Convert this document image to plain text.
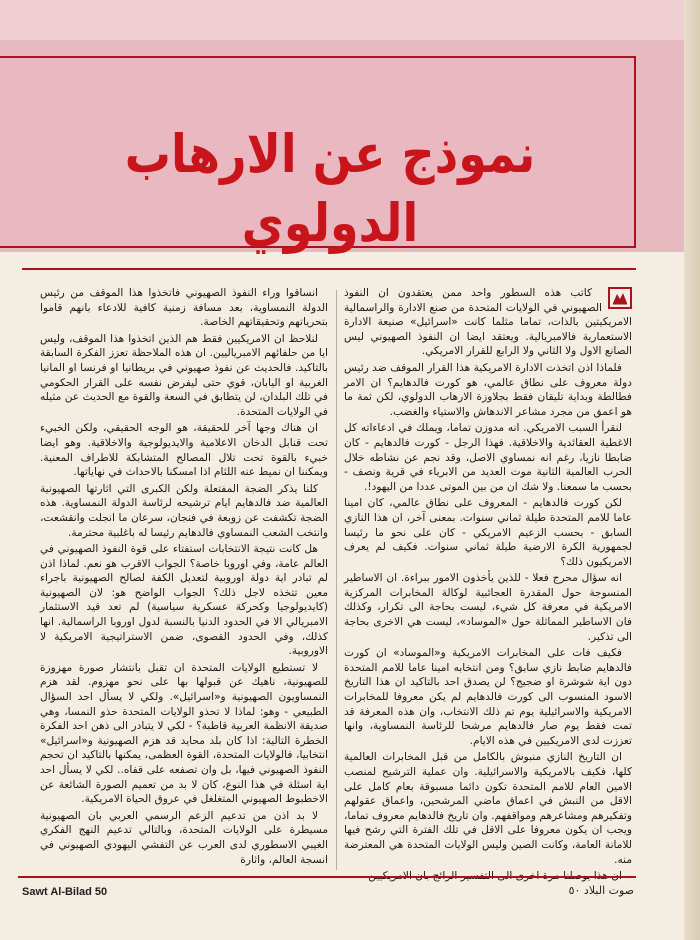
نموذج عن الارهاب الدولوي

كاتب هذه السطور واحد ممن يعتقدون ان النفوذ الصهيوني في الولايات المتحدة من صنع الادارة والراسمالية الامريكيتين بالذات، تماما مثلما كانت «اسرائيل» صنيعة الادارة الاستعمارية فالامبريالية. ويعتقد ايضا ان النفوذ الصهيوني ليس الصانع الاول ولا الثاني ولا الرابع للقرار الامريكي.

فلماذا اذن اتخذت الادارة الامريكية هذا القرار الموقف ضد رئيس دولة معروف على نطاق عالمي، هو كورت فالدهايم؟ ان الامر فطالطة وبداية تليقان فقط بجلاوزة الارهاب الدولوي، لكن ثمة ما هو اعمق من مجرد مشاعر الاندهاش والاستياء والغضب.

لنقرأ السبب الامريكي. انه مدوزن تماما، ويملك في ادعاءاته كل الاغطية العقائدية والاخلاقية. فهذا الرجل - كورت فالدهايم - كان ضابطا نازيا، رغم انه نمساوي الاصل، وقد نجم عن نشاطه خلال الحرب العالمية الثانية موت العديد من الابرياء في قرية ونصف - بحسب ما سمعنا. ولا شك ان من بين الموتى عددا من اليهود!.

لكن كورت فالدهايم - المعروف على نطاق عالمي، كان امينا عاما للامم المتحدة طيلة ثماني سنوات. بمعنى آخر، ان هذا النازي السابق - بحسب الزعيم الامريكي - كان على نحو ما رئيسا لجمهورية الكرة الارضية طيلة ثماني سنوات. فكيف لم يعرف الامريكيون ذلك؟

انه سؤال محرج فعلا - للذين يأخذون الامور ببراءة. ان الاساطير المنسوجة حول المقدرة العجائبية لوكالة المخابرات المركزية الامريكية في معرفة كل شيء، ليست بحاجة الى تكرار، وكذلك فان الاساطير المماثلة حول «الموساد»، ليست هي الاخرى بحاجة الى تذكير.

فكيف فات على المخابرات الامريكية و«الموساد» ان كورت فالدهايم ضابط نازي سابق؟ ومن انتخابه امينا عاما للامم المتحدة دون اية شوشرة او ضجيج؟ لن يصدق احد بالتاكيد ان هذا التاريخ الاسود المنسوب الى كورت فالدهايم لم يكن معروفا للمخابرات الامريكية والاسرائيلية يوم تم ذلك الانتخاب، وان هذه المعرفة قد تمت فقط يوم صار فالدهايم مرشحا للرئاسة النمساوية، وانها تعززت لدى الامريكيين في هذه الايام.

ان التاريخ النازي منبوش بالكامل من قبل المخابرات العالمية كلها، فكيف بالامريكية والاسرائيلية. وان عملية الترشيح لمنصب الامين العام للامم المتحدة تكون دائما مسبوقة بعام كامل على الاقل من النبش في اعماق ماضي المرشحين، واعماق عقولهم وتفكيرهم ومشاعرهم ومواقفهم. وان تاريخ فالدهايم معروف تماما، ويجب ان يكون معروفا على الاقل في تلك الفترة التي رشح فيها للامانة العامة، وكانت الصين وليس الولايات المتحدة هي المعترضة منه.

انساقوا وراء النفوذ الصهيوني فاتخذوا هذا الموقف من رئيس الدولة النمساوية، بعد مسافة زمنية كافية للادعاء بانهم قاموا بتحرياتهم وتحقيقاتهم الخاصة.

لنلاحظ ان الامريكيين فقط هم الذين اتخذوا هذا الموقف، وليس ايا من حلفائهم الامبرياليين. ان هذه الملاحظة تعزز الفكرة السابقة بالتاكيد. فالحديث عن نفوذ صهيوني في بريطانيا او فرنسا او المانيا الغربية او اليابان، قوي حتى ليفرض نفسه على القرار الحكومي في تلك البلدان، لن يتطابق في السعة والقوة مع الحديث عن مثيله في الولايات المتحدة.

ان هناك وجها آخر للحقيقة، هو الوجه الحقيقي، ولكن الخبيء تحت قنابل الدخان الاعلامية والايديولوجية والاخلاقية. وهو ايضا خبيء بالقوة تحت تلال المصالح المتشابكة للاطراف المعنية. ويمكننا ان نميط عنه اللثام اذا امسكنا بالاحداث في نهاياتها.

كلنا يذكر الضجة المفتعلة ولكن الكبرى التي اثارتها الصهيونية العالمية ضد فالدهايم ايام ترشيحه لرئاسة الدولة النمساوية. هذه الضجة تكشفت عن زوبعة في فنجان، سرعان ما انجلت وانقشعت، وانتخب الشعب النمساوي فالدهايم رئيسا له باغلبية محترمة.

هل كانت نتيجة الانتخابات استفتاء على قوة النفوذ الصهيوني في العالم عامة، وفي اوروبا خاصة؟ الجواب الاقرب هو نعم. لماذا اذن لم تبادر اية دولة اوروبية لتعديل الكفة لصالح الصهيونية باجراء معين تتخذه لاجل ذلك؟ الجواب الواضح هو: لان الصهيونية (كايديولوجيا وكحركة عسكرية سياسية) لم تعد قيد الاستثمار الامبريالي الا في الحدود الدنيا بالنسبة لدول اوروبا الراسمالية. انها كذلك، وفي الحدود القصوى، ضمن الاستراتيجية الامريكية لا الاوروبية.

لا تستطيع الولايات المتحدة ان تقبل بانتشار صورة مهزوزة للصهيونية، ناهيك عن قبولها بها على نحو مهزوم. لقد هزم النمساويون الصهيونية و«اسرائيل». ولكي لا يسأل احد السؤال الطبيعي - وهو: لماذا لا تحذو الولايات المتحدة حذو النمسا، وهي صديقة الانظمة العربية قاطبة؟ - لكي لا يتبادر الى ذهن احد الفكرة الخطرة التالية: اذا كان بلد محايد قد هزم الصهيونية و«اسرائيل» انتخابيا، فالولايات المتحدة، القوة العظمى، يمكنها بالتاكيد ان تحجم النفوذ الصهيوني فيها، بل وان تصفعه على قفاه.. لكي لا يسأل احد اية اسئلة في هذا النوع، كان لا بد من تعميم الصورة الشائعة عن الاخطبوط الصهيوني المتغلغل في عروق الحياة الامريكية.

لا بد اذن من تدعيم الزعم الرسمي العربي بان الصهيونية مسيطرة على الولايات المتحدة، وبالتالي تدعيم النهج الفكري الغيبي الاسطوري لدى العرب عن التفشي اليهودي الصهيوني في انسجة العالم، واثارة

Sawt Al-Bilad 50	صوت البلاد ٥٠
